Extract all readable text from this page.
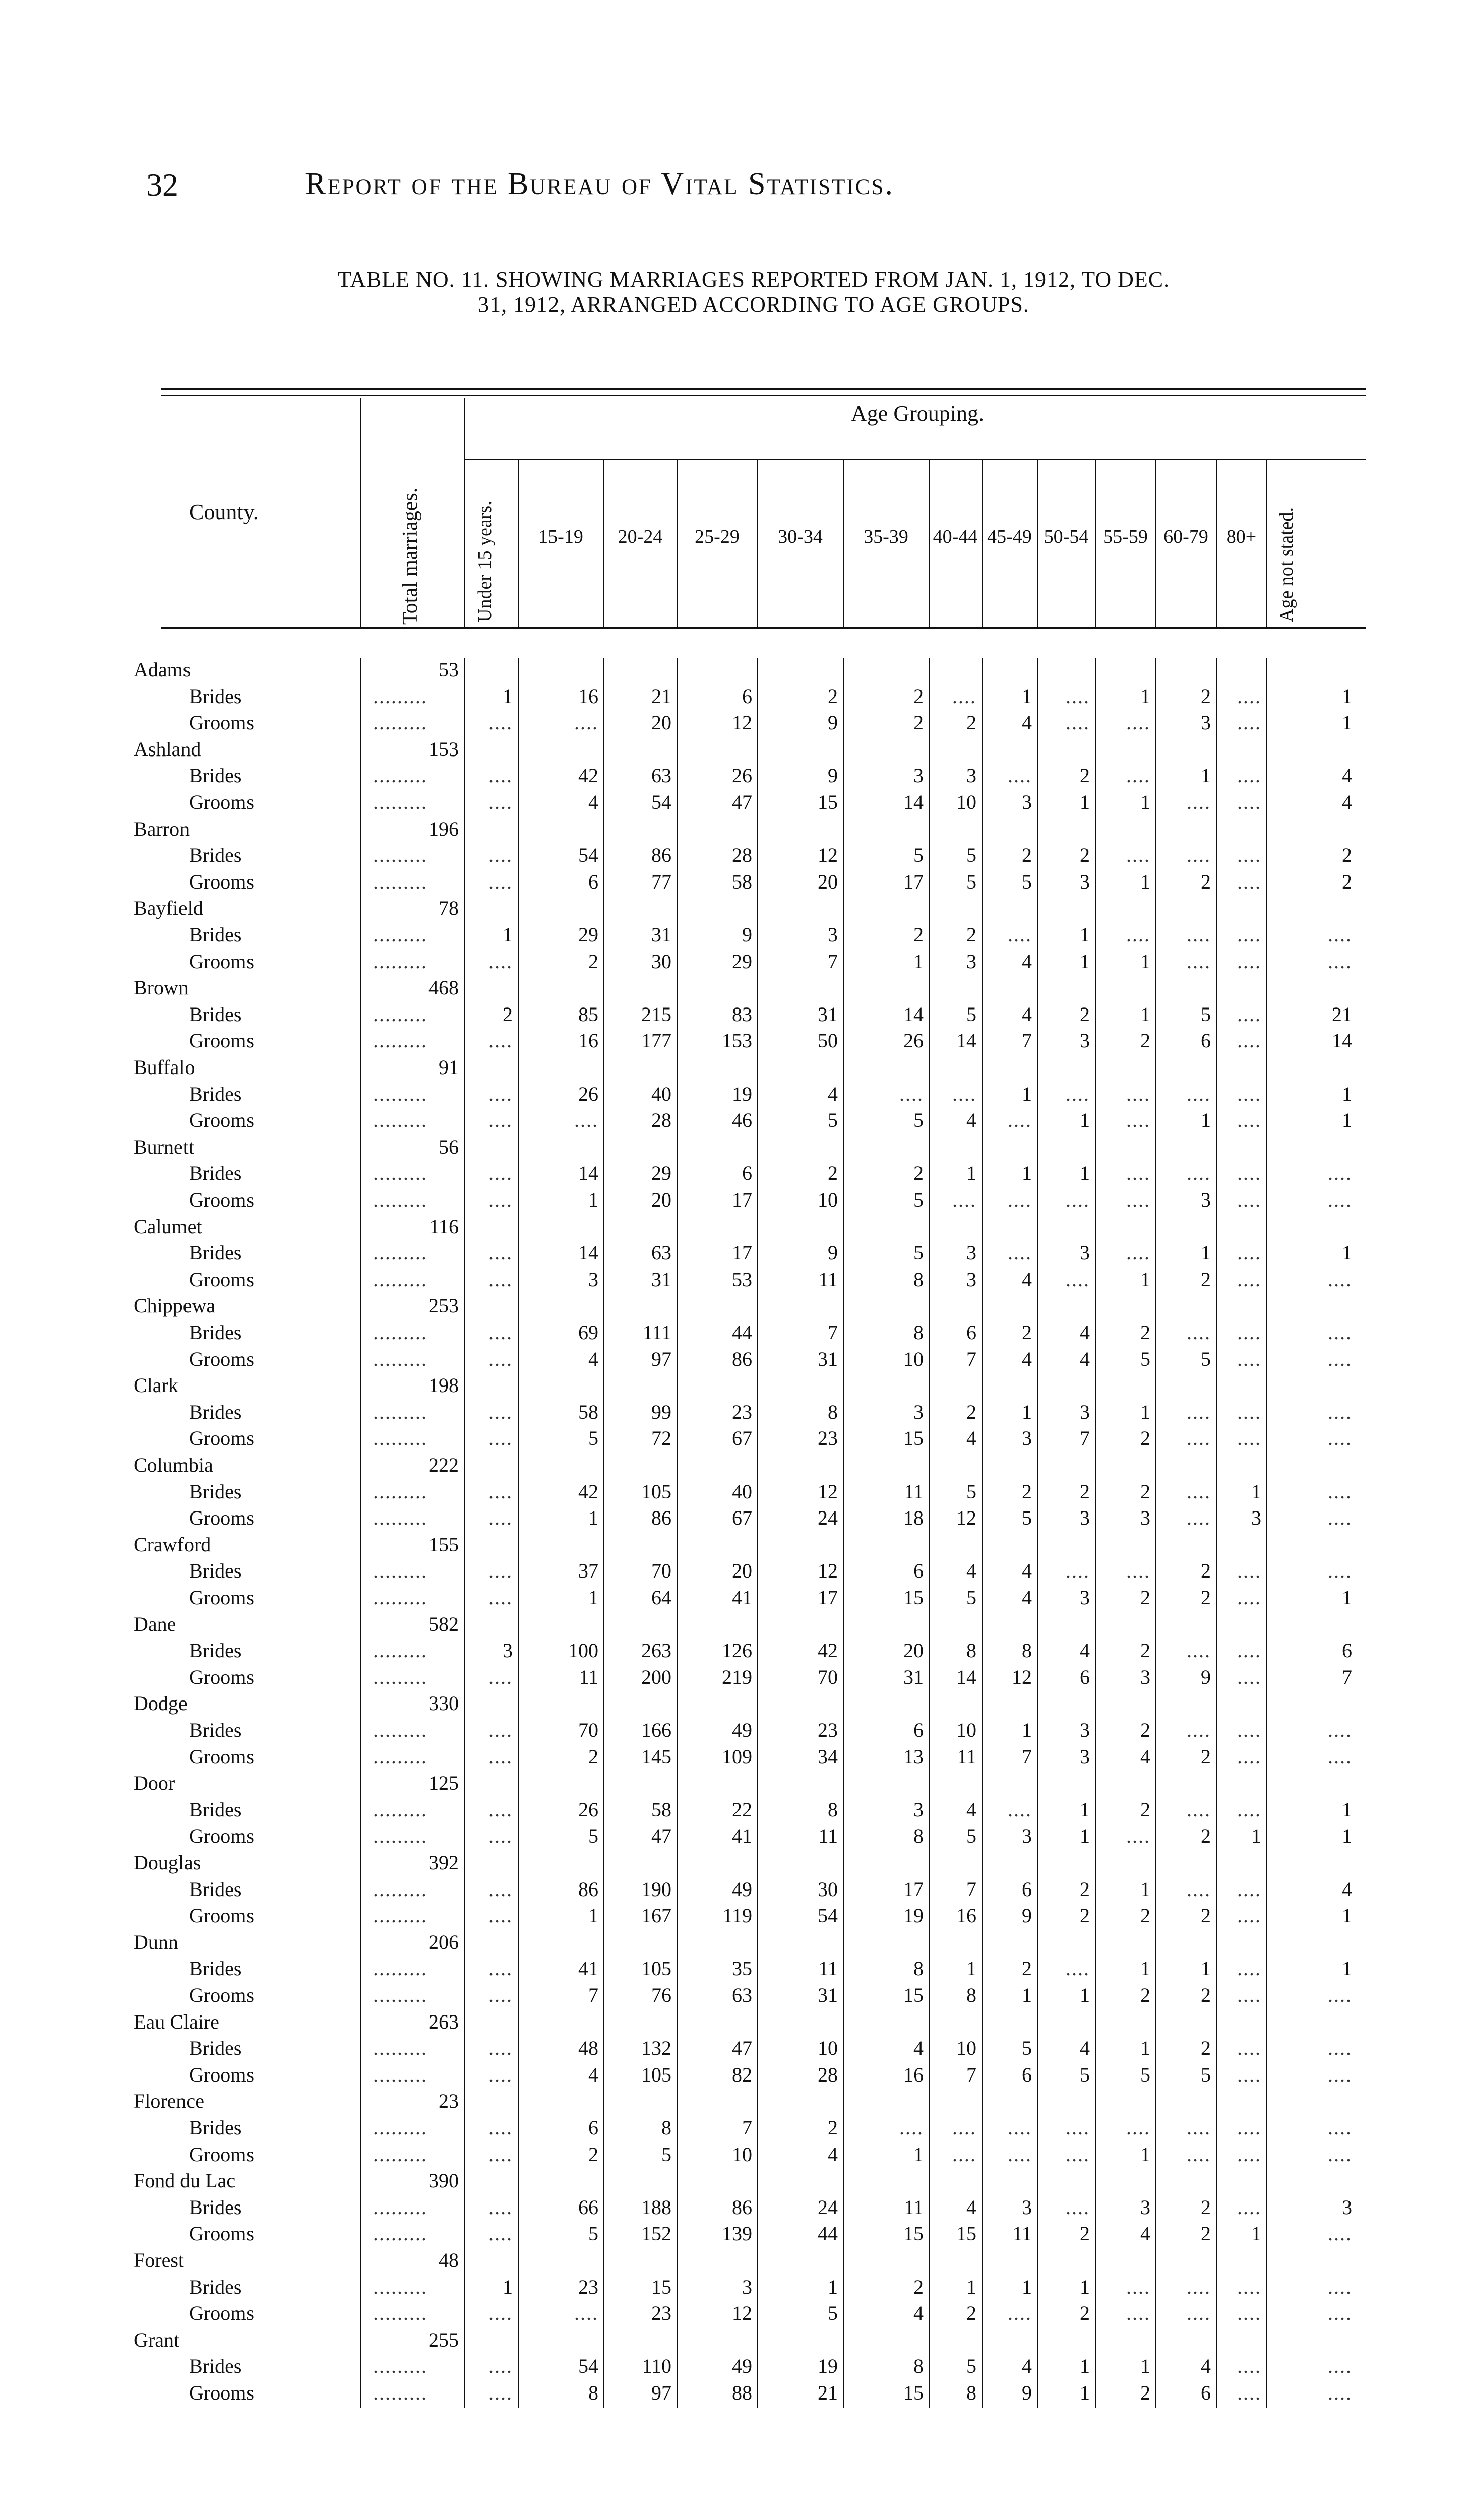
32	Report of the Bureau of Vital Statistics.
TABLE NO. 11. SHOWING MARRIAGES REPORTED FROM JAN. 1, 1912, TO DEC.
31, 1912, ARRANGED ACCORDING TO AGE GROUPS.
County.	Total marriages.
Age Grouping.
Under 15 years.	15-19	20-24	25-29	30-34	35-39	40-44 45-49 50-54 55-59 60-79 80+	Age not stated.
Adams	53
Brides	.........	1	16	21	6	2	2	....	1	....	1	2	....	1
Grooms	.........	....	....	20	12	9	2	2	4	....	....	3	....	1
Ashland	153
Brides	.........	....	42	63	26	9	3	3	....	2	....	1	....	4
Grooms	.........	....	4	54	47	15	14	10	3	1	1	....	....	4
Barron	196
Brides	.........	....	54	86	28	12	5	5	2	2	....	....	....	2
Grooms	.........	....	6	77	58	20	17	5	5	3	1	2	....	2
Bayfield	78
Brides	.........	1	29	31	9	3	2	2	....	1	....	....	....	....
Grooms	.........	....	2	30	29	7	1	3	4	1	1	....	....	....
Brown	468
Brides	.........	2	85	215	83	31	14	5	4	2	1	5	....	21
Grooms	.........	....	16	177	153	50	26	14	7	3	2	6	....	14
Buffalo	91
Brides	.........	....	26	40	19	4	....	....	1	....	....	....	....	1
Grooms	.........	....	....	28	46	5	5	4	....	1	....	1	....	1
Burnett	56
Brides	.........	....	14	29	6	2	2	1	1	1	....	....	....	....
Grooms	.........	....	1	20	17	10	5	....	....	....	....	3	....	....
Calumet	116
Brides	.........	....	14	63	17	9	5	3	....	3	....	1	....	1
Grooms	.........	....	3	31	53	11	8	3	4	....	1	2	....	....
Chippewa	253
Brides	.........	....	69	111	44	7	8	6	2	4	2	....	....	....
Grooms	.........	....	4	97	86	31	10	7	4	4	5	5	....	....
Clark	198
Brides	.........	....	58	99	23	8	3	2	1	3	1	....	....	....
Grooms	.........	....	5	72	67	23	15	4	3	7	2	....	....	....
Columbia	222
Brides	.........	....	42	105	40	12	11	5	2	2	2	....	1	....
Grooms	.........	....	1	86	67	24	18	12	5	3	3	....	3	....
Crawford	155
Brides	.........	....	37	70	20	12	6	4	4	....	....	2	....	....
Grooms	.........	....	1	64	41	17	15	5	4	3	2	2	....	1
Dane	582
Brides	.........	3	100	263	126	42	20	8	8	4	2	....	....	6
Grooms	.........	....	11	200	219	70	31	14	12	6	3	9	....	7
Dodge	330
Brides	.........	....	70	166	49	23	6	10	1	3	2	....	....	....
Grooms	.........	....	2	145	109	34	13	11	7	3	4	2	....	....
Door	125
Brides	.........	....	26	58	22	8	3	4	....	1	2	....	....	1
Grooms	.........	....	5	47	41	11	8	5	3	1	....	2	1	1
Douglas	392
Brides	.........	....	86	190	49	30	17	7	6	2	1	....	....	4
Grooms	.........	....	1	167	119	54	19	16	9	2	2	2	....	1
Dunn	206
Brides	.........	....	41	105	35	11	8	1	2	....	1	1	....	1
Grooms	.........	....	7	76	63	31	15	8	1	1	2	2	....	....
Eau Claire	263
Brides	.........	....	48	132	47	10	4	10	5	4	1	2	....	....
Grooms	.........	....	4	105	82	28	16	7	6	5	5	5	....	....
Florence	23
Brides	.........	....	6	8	7	2	....	....	....	....	....	....	....	....
Grooms	.........	....	2	5	10	4	1	....	....	....	1	....	....	....
Fond du Lac	390
Brides	.........	....	66	188	86	24	11	4	3	....	3	2	....	3
Grooms	.........	....	5	152	139	44	15	15	11	2	4	2	1	....
Forest	48
Brides	.........	1	23	15	3	1	2	1	1	1	....	....	....	....
Grooms	.........	....	....	23	12	5	4	2	....	2	....	....	....	....
Grant	255
Brides	.........	....	54	110	49	19	8	5	4	1	1	4	....	....
Grooms	.........	....	8	97	88	21	15	8	9	1	2	6	....	....
